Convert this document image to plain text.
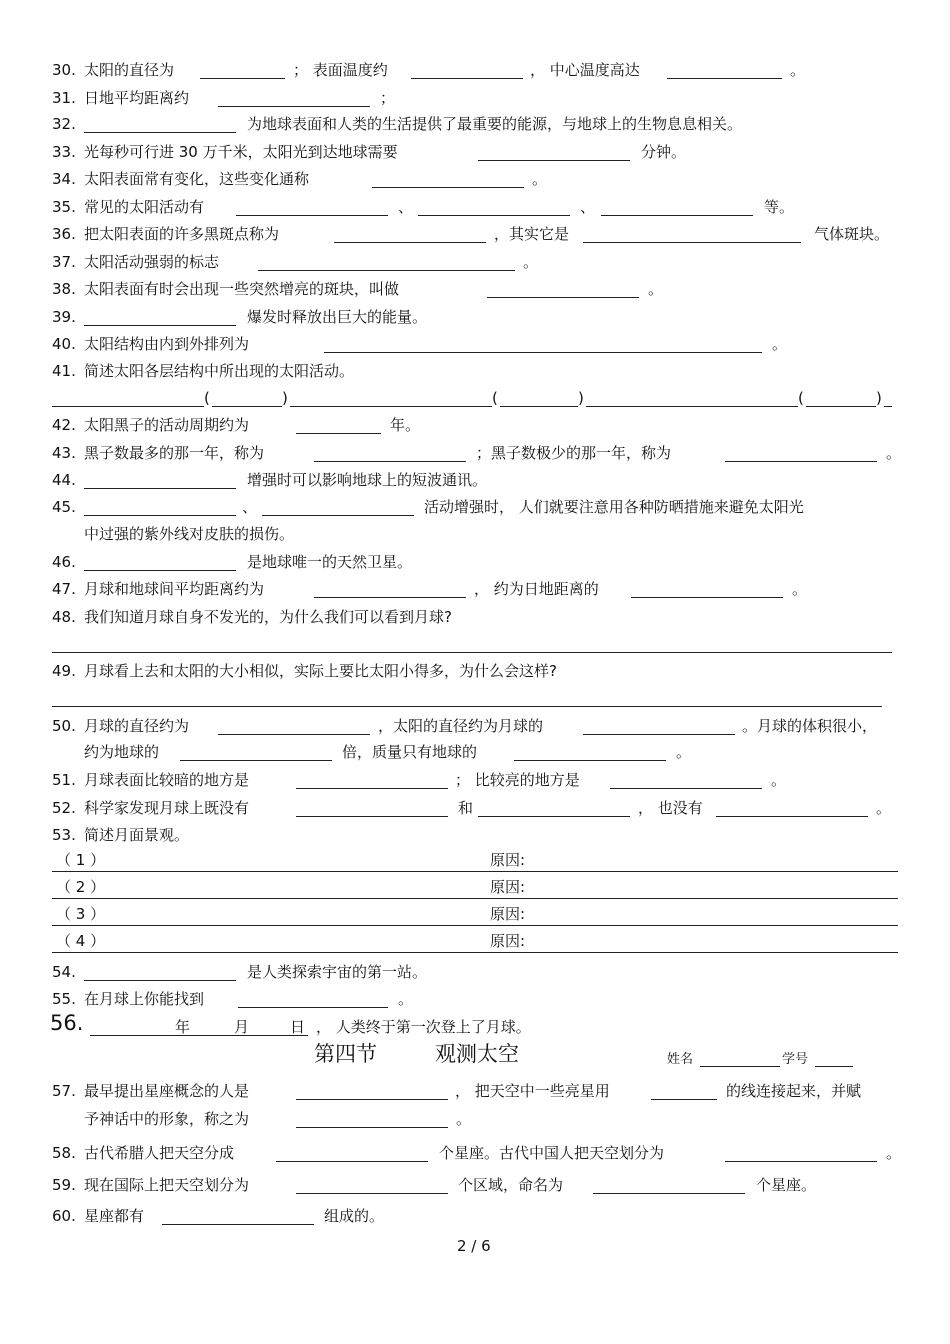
30. 太阳的直径为	； 表面温度约	， 中心温度高达	。
31. 日地平均距离约	；
32.	为地球表面和人类的生活提供了最重要的能源，与地球上的生物息息相关。
33. 光每秒可行进 30 万千米，太阳光到达地球需要	分钟。
34. 太阳表面常有变化，这些变化通称	。
35. 常见的太阳活动有	、	、	等。
36. 把太阳表面的许多黑斑点称为	，其实它是	气体斑块。
37. 太阳活动强弱的标志	。
38. 太阳表面有时会出现一些突然增亮的斑块，叫做	。
39.	爆发时释放出巨大的能量。
40. 太阳结构由内到外排列为	。
41. 简述太阳各层结构中所出现的太阳活动。
(	)	(	)	(	)
42. 太阳黑子的活动周期约为	年。
43. 黑子数最多的那一年，称为	；黑子数极少的那一年，称为	。
44.	增强时可以影响地球上的短波通讯。
45.	、	活动增强时， 人们就要注意用各种防晒措施来避免太阳光
中过强的紫外线对皮肤的损伤。
46.	是地球唯一的天然卫星。
47. 月球和地球间平均距离约为	， 约为日地距离的	。
48. 我们知道月球自身不发光的，为什么我们可以看到月球?
49. 月球看上去和太阳的大小相似，实际上要比太阳小得多，为什么会这样?
50. 月球的直径约为	，太阳的直径约为月球的	。月球的体积很小，
约为地球的	倍，质量只有地球的	。
51. 月球表面比较暗的地方是	； 比较亮的地方是	。
52. 科学家发现月球上既没有	和	， 也没有	。
53. 简述月面景观。
（ 1 ）	原因:
（ 2 ）	原因:
（ 3 ）	原因:
（ 4 ）	原因:
54.	是人类探索宇宙的第一站。
55. 在月球上你能找到	。
56.	年	月	日 ， 人类终于第一次登上了月球。
第四节	观测太空	姓名	学号
57. 最早提出星座概念的人是	， 把天空中一些亮星用	的线连接起来，并赋
予神话中的形象，称之为	。
58. 古代希腊人把天空分成	个星座。古代中国人把天空划分为	。
59. 现在国际上把天空划分为	个区域，命名为	个星座。
60. 星座都有	组成的。
2 / 6
